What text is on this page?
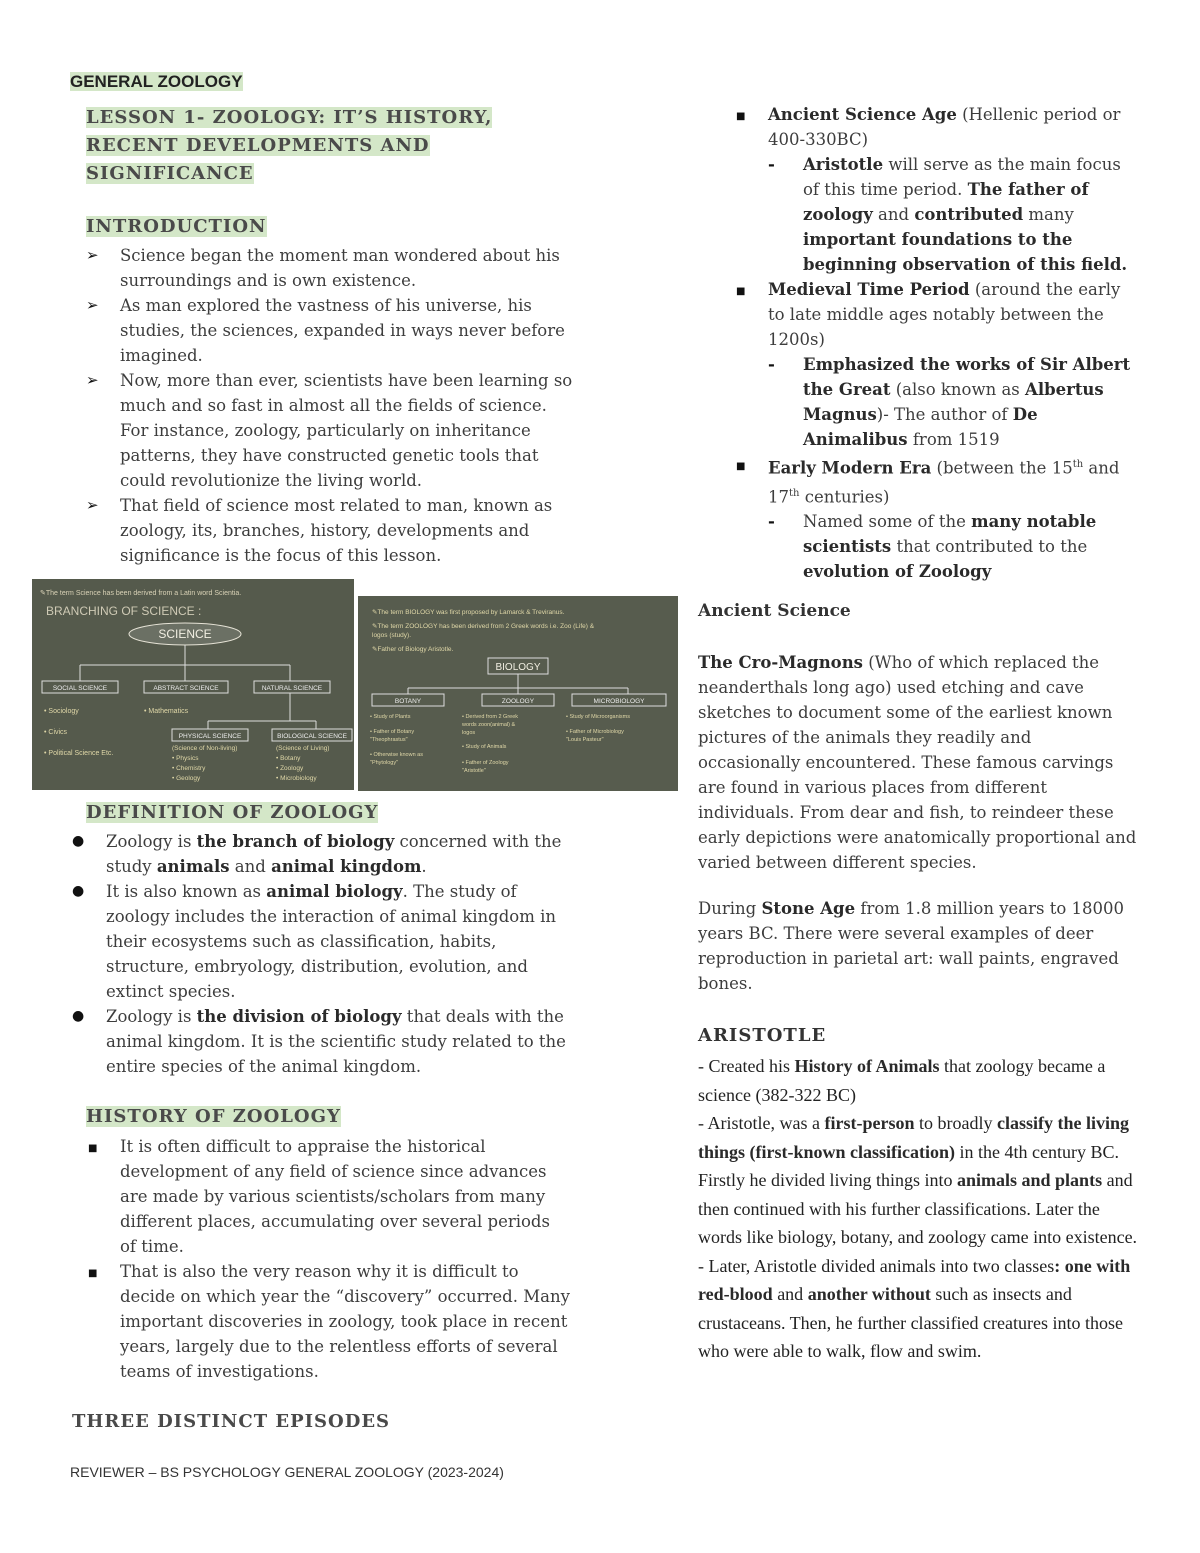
GENERAL ZOOLOGY
LESSON 1- ZOOLOGY: IT’S HISTORY,
RECENT DEVELOPMENTS AND
SIGNIFICANCE
INTRODUCTION
➢ Science began the moment man wondered about his surroundings and is own existence.
➢ As man explored the vastness of his universe, his studies, the sciences, expanded in ways never before imagined.
➢ Now, more than ever, scientists have been learning so much and so fast in almost all the fields of science. For instance, zoology, particularly on inheritance patterns, they have constructed genetic tools that could revolutionize the living world.
➢ That field of science most related to man, known as zoology, its, branches, history, developments and significance is the focus of this lesson.
✎The term Science has been derived from a Latin word Scientia.
BRANCHING OF SCIENCE :
SCIENCE
SOCIAL SCIENCE	ABSTRACT SCIENCE	NATURAL SCIENCE
• Sociology
• Civics
• Political Science Etc.
• Mathematics
PHYSICAL SCIENCE	BIOLOGICAL SCIENCE
(Science of Non-living)
• Physics
• Chemistry
• Geology
(Science of Living)
• Botany
• Zoology
• Microbiology
✎The term BIOLOGY was first proposed by Lamarck & Treviranus.
✎The term ZOOLOGY has been derived from 2 Greek words i.e. Zoo (Life) &
logos (study).
✎Father of Biology Aristotle.
BIOLOGY
BOTANY	ZOOLOGY	MICROBIOLOGY
• Study of Plants
• Father of Botany
"Theophrastus"
• Otherwise known as
"Phytology"
• Derived from 2 Greek
words zoon(animal) &
logos
• Study of Animals
• Father of Zoology
"Aristotle"
• Study of Microorganisms
• Father of Microbiology
"Louis Pasteur"
DEFINITION OF ZOOLOGY
● Zoology is the branch of biology concerned with the study animals and animal kingdom.
● It is also known as animal biology. The study of zoology includes the interaction of animal kingdom in their ecosystems such as classification, habits, structure, embryology, distribution, evolution, and extinct species.
● Zoology is the division of biology that deals with the animal kingdom. It is the scientific study related to the entire species of the animal kingdom.
HISTORY OF ZOOLOGY
■ It is often difficult to appraise the historical development of any field of science since advances are made by various scientists/scholars from many different places, accumulating over several periods of time.
■ That is also the very reason why it is difficult to decide on which year the “discovery” occurred. Many important discoveries in zoology, took place in recent years, largely due to the relentless efforts of several teams of investigations.
THREE DISTINCT EPISODES
REVIEWER – BS PSYCHOLOGY GENERAL ZOOLOGY (2023-2024)
■ Ancient Science Age (Hellenic period or 400-330BC)
- Aristotle will serve as the main focus of this time period. The father of zoology and contributed many important foundations to the beginning observation of this field.
■ Medieval Time Period (around the early to late middle ages notably between the 1200s)
- Emphasized the works of Sir Albert the Great (also known as Albertus Magnus)- The author of De Animalibus from 1519
■ Early Modern Era (between the 15th and 17th centuries)
- Named some of the many notable scientists that contributed to the evolution of Zoology
Ancient Science

The Cro-Magnons (Who of which replaced the neanderthals long ago) used etching and cave sketches to document some of the earliest known pictures of the animals they readily and occasionally encountered. These famous carvings are found in various places from different individuals. From dear and fish, to reindeer these early depictions were anatomically proportional and varied between different species.

During Stone Age from 1.8 million years to 18000 years BC. There were several examples of deer reproduction in parietal art: wall paints, engraved bones.

ARISTOTLE
- Created his History of Animals that zoology became a science (382-322 BC)
- Aristotle, was a first-person to broadly classify the living things (first-known classification) in the 4th century BC. Firstly he divided living things into animals and plants and then continued with his further classifications. Later the words like biology, botany, and zoology came into existence.
- Later, Aristotle divided animals into two classes: one with red-blood and another without such as insects and crustaceans. Then, he further classified creatures into those who were able to walk, flow and swim.
